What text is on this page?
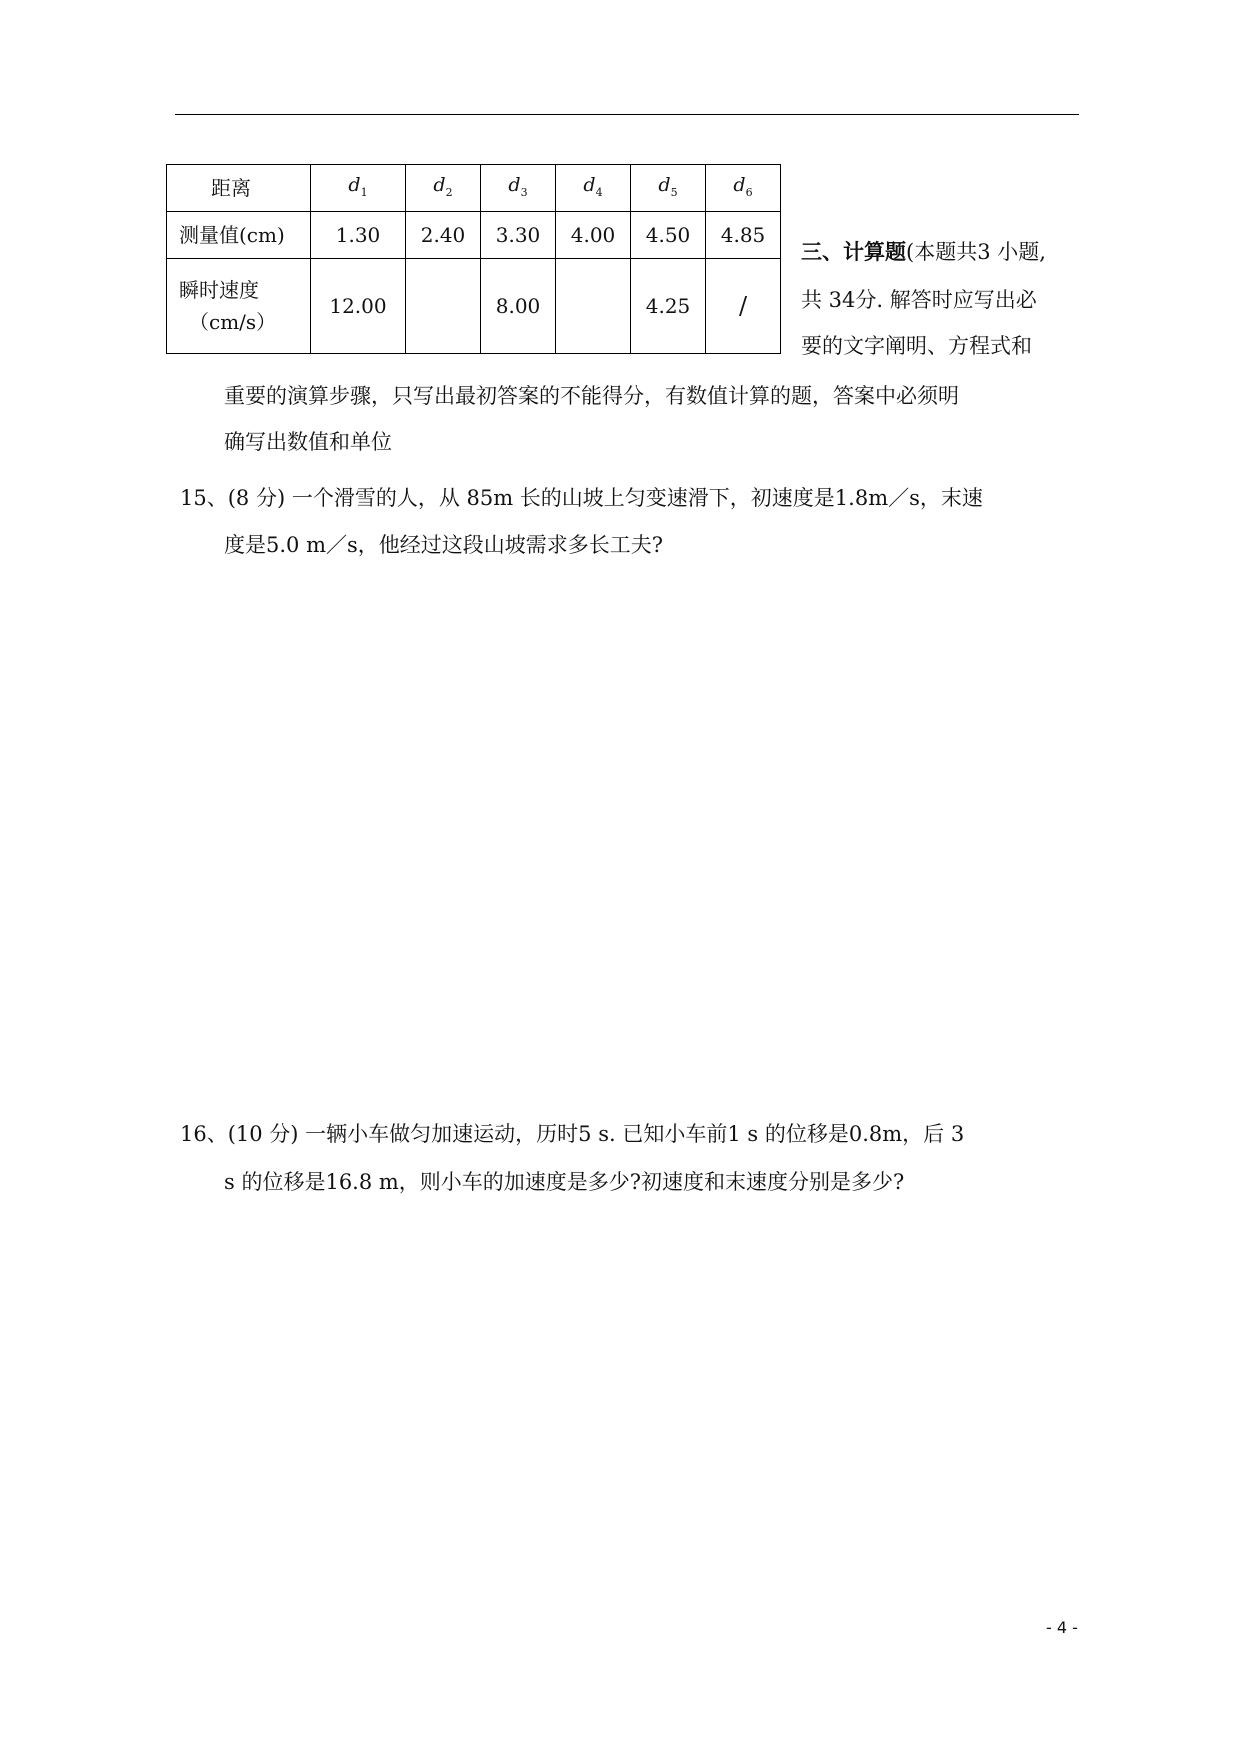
距离	$d_1$	$d_2$	$d_3$	$d_4$	$d_5$	$d_6$
测量值(cm)	1.30	2.40	3.30	4.00	4.50	4.85

瞬时速度
（cm/s）	12.00		8.00		4.25	/
三、计算题(本题共3 小题,
共 34分. 解答时应写出必
要的文字阐明、方程式和
重要的演算步骤，只写出最初答案的不能得分，有数值计算的题，答案中必须明
确写出数值和单位
15、(8 分) 一个滑雪的人，从 85m 长的山坡上匀变速滑下，初速度是1.8m／s，末速
度是5.0 m／s，他经过这段山坡需求多长工夫?
16、(10 分) 一辆小车做匀加速运动，历时5 s. 已知小车前1 s 的位移是0.8m，后 3
s 的位移是16.8 m，则小车的加速度是多少?初速度和末速度分别是多少?
- 4 -
